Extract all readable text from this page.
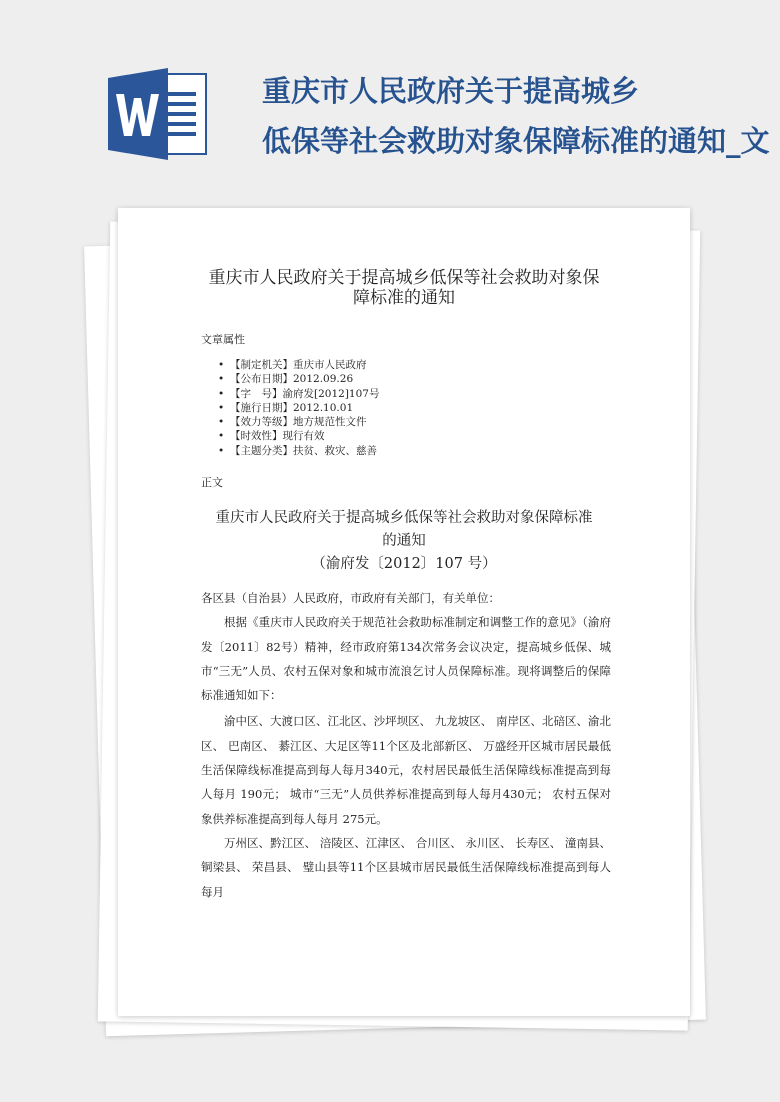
重庆市人民政府关于提高城乡
低保等社会救助对象保障标准的通知_文
重庆市人民政府关于提高城乡低保等社会救助对象保
障标准的通知
文章属性
• 【制定机关】重庆市人民政府
• 【公布日期】2012.09.26
• 【字　号】渝府发[2012]107号
• 【施行日期】2012.10.01
• 【效力等级】地方规范性文件
• 【时效性】现行有效
• 【主题分类】扶贫、救灾、慈善
正文
重庆市人民政府关于提高城乡低保等社会救助对象保障标准
的通知
（渝府发〔2012〕107 号）

各区县（自治县）人民政府，市政府有关部门，有关单位：

根据《重庆市人民政府关于规范社会救助标准制定和调整工作的意见》（渝府发〔2011〕82号）精神，经市政府第134次常务会议决定，提高城乡低保、城市“三无”人员、农村五保对象和城市流浪乞讨人员保障标准。现将调整后的保障标准通知如下：

渝中区、大渡口区、江北区、沙坪坝区、 九龙坡区、 南岸区、北碚区、渝北区、 巴南区、 綦江区、大足区等11个区及北部新区、 万盛经开区城市居民最低生活保障线标准提高到每人每月340元，农村居民最低生活保障线标准提高到每人每月 190元； 城市“三无”人员供养标准提高到每人每月430元； 农村五保对象供养标准提高到每人每月 275元。

万州区、黔江区、 涪陵区、江津区、 合川区、 永川区、 长寿区、 潼南县、 铜梁县、 荣昌县、 璧山县等11个区县城市居民最低生活保障线标准提高到每人每月
